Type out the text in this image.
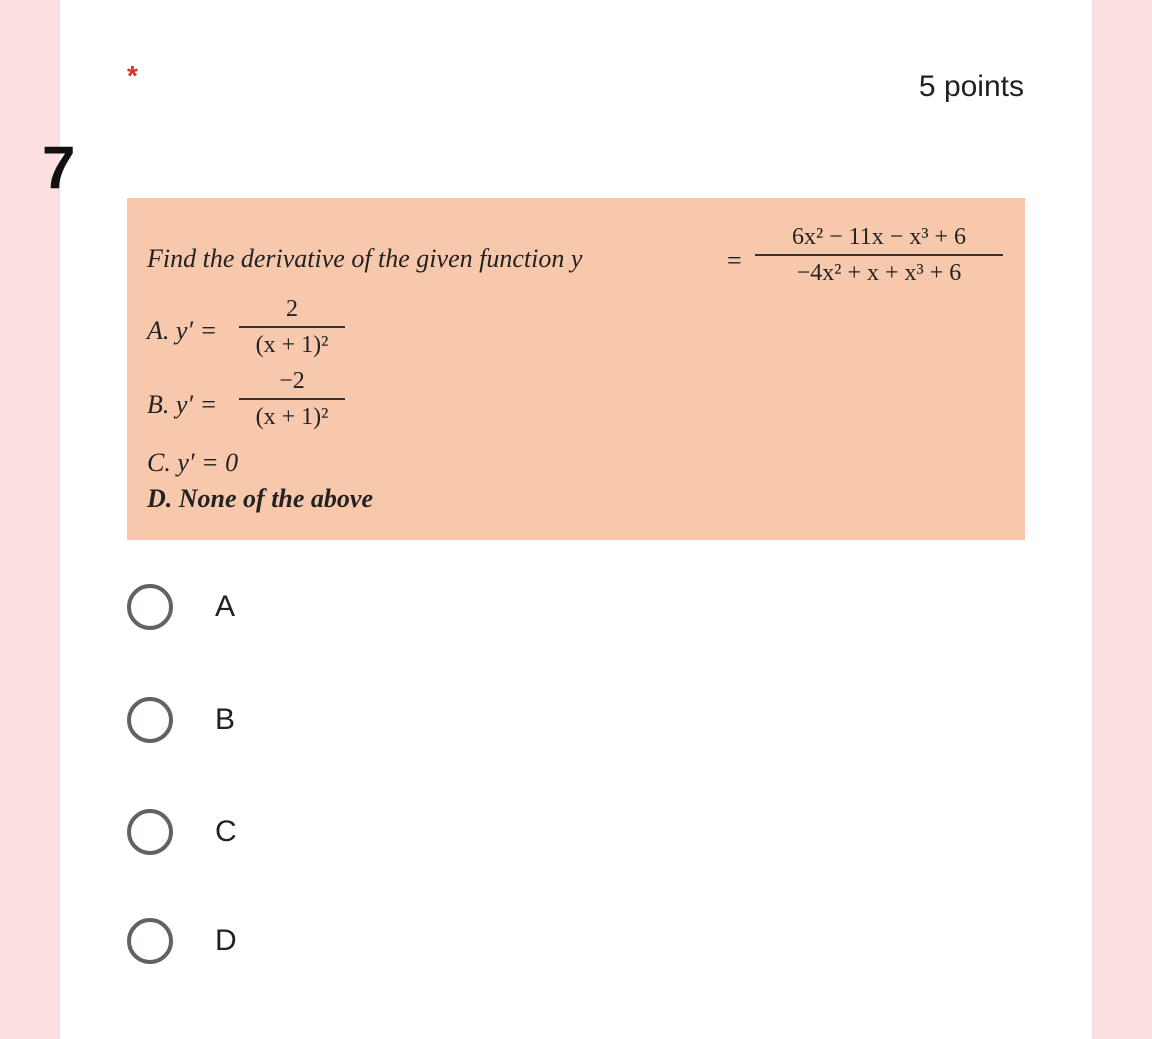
7
*	5 points
Find the derivative of the given function y	=
6x² − 11x − x³ + 6
−4x² + x + x³ + 6
A. y′ =
2
(x + 1)²
B. y′ =
−2
(x + 1)²
C. y′ = 0
D. None of the above
A
B
C
D
